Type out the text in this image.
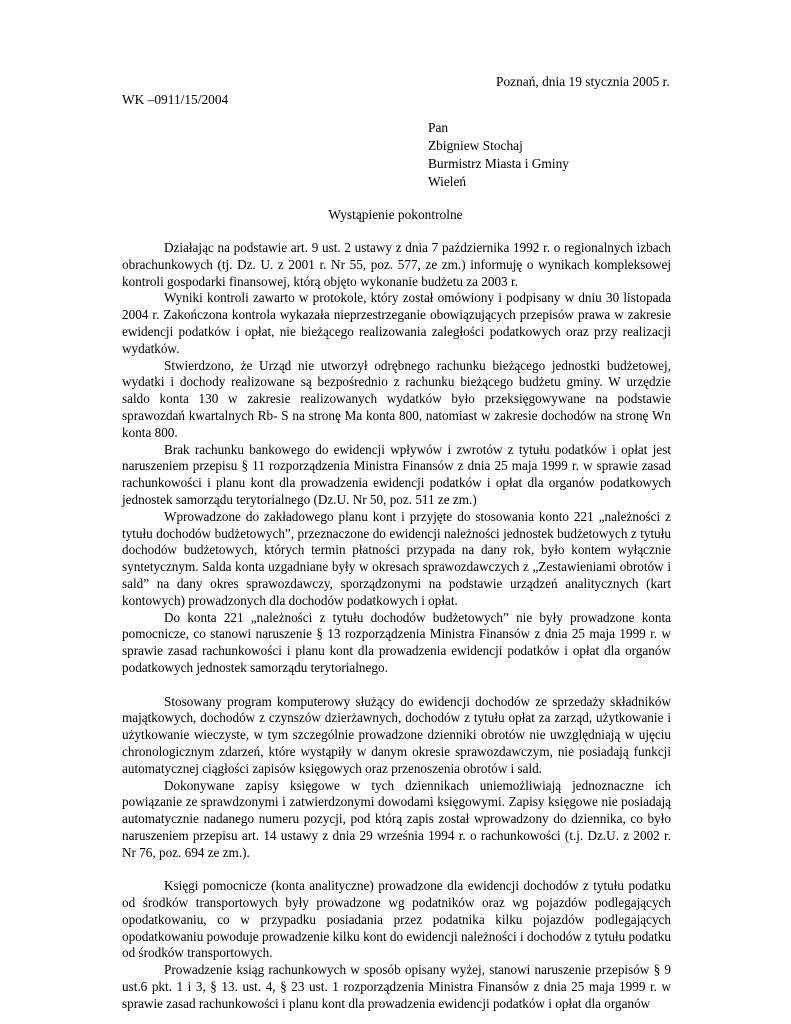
Poznań, dnia 19 stycznia 2005 r.
WK –0911/15/2004
Pan
Zbigniew Stochaj
Burmistrz Miasta i Gminy
Wieleń
Wystąpienie pokontrolne

Działając na podstawie art. 9 ust. 2 ustawy z dnia 7 października 1992 r. o regionalnych izbach obrachunkowych (tj. Dz. U. z 2001 r. Nr 55, poz. 577, ze zm.) informuję o wynikach kompleksowej kontroli gospodarki finansowej, którą objęto wykonanie budżetu za 2003 r.

Wyniki kontroli zawarto w protokole, który został omówiony i podpisany w dniu 30 listopada 2004 r. Zakończona kontrola wykazała nieprzestrzeganie obowiązujących przepisów prawa w zakresie ewidencji podatków i opłat, nie bieżącego realizowania zaległości podatkowych oraz przy realizacji wydatków.

Stwierdzono, że Urząd nie utworzył odrębnego rachunku bieżącego jednostki budżetowej, wydatki i dochody realizowane są bezpośrednio z rachunku bieżącego budżetu gminy. W urzędzie saldo konta 130 w zakresie realizowanych wydatków było przeksięgowywane na podstawie sprawozdań kwartalnych Rb- S na stronę Ma konta 800, natomiast w zakresie dochodów na stronę Wn konta 800.

Brak rachunku bankowego do ewidencji wpływów i zwrotów z tytułu podatków i opłat jest naruszeniem przepisu § 11 rozporządzenia Ministra Finansów z dnia 25 maja 1999 r. w sprawie zasad rachunkowości i planu kont dla prowadzenia ewidencji podatków i opłat dla organów podatkowych jednostek samorządu terytorialnego (Dz.U. Nr 50, poz. 511 ze zm.)

Wprowadzone do zakładowego planu kont i przyjęte do stosowania konto 221 „należności z tytułu dochodów budżetowych”, przeznaczone do ewidencji należności jednostek budżetowych z tytułu dochodów budżetowych, których termin płatności przypada na dany rok, było kontem wyłącznie syntetycznym. Salda konta uzgadniane były w okresach sprawozdawczych z „Zestawieniami obrotów i sald” na dany okres sprawozdawczy, sporządzonymi na podstawie urządzeń analitycznych (kart kontowych) prowadzonych dla dochodów podatkowych i opłat.

Do konta 221 „należności z tytułu dochodów budżetowych” nie były prowadzone konta pomocnicze, co stanowi naruszenie § 13 rozporządzenia Ministra Finansów z dnia 25 maja 1999 r. w sprawie zasad rachunkowości i planu kont dla prowadzenia ewidencji podatków i opłat dla organów podatkowych jednostek samorządu terytorialnego.

Stosowany program komputerowy służący do ewidencji dochodów ze sprzedaży składników majątkowych, dochodów z czynszów dzierżawnych, dochodów z tytułu opłat za zarząd, użytkowanie i użytkowanie wieczyste, w tym szczególnie prowadzone dzienniki obrotów nie uwzględniają w ujęciu chronologicznym zdarzeń, które wystąpiły w danym okresie sprawozdawczym, nie posiadają funkcji automatycznej ciągłości zapisów księgowych oraz przenoszenia obrotów i sald.

Dokonywane zapisy księgowe w tych dziennikach uniemożliwiają jednoznaczne ich powiązanie ze sprawdzonymi i zatwierdzonymi dowodami księgowymi. Zapisy księgowe nie posiadają automatycznie nadanego numeru pozycji, pod którą zapis został wprowadzony do dziennika, co było naruszeniem przepisu art. 14 ustawy z dnia 29 września 1994 r. o rachunkowości (t.j. Dz.U. z 2002 r. Nr 76, poz. 694 ze zm.).

Księgi pomocnicze (konta analityczne) prowadzone dla ewidencji dochodów z tytułu podatku od środków transportowych były prowadzone wg podatników oraz wg pojazdów podlegających opodatkowaniu, co w przypadku posiadania przez podatnika kilku pojazdów podlegających opodatkowaniu powoduje prowadzenie kilku kont do ewidencji należności i dochodów z tytułu podatku od środków transportowych.

Prowadzenie ksiąg rachunkowych w sposób opisany wyżej, stanowi naruszenie przepisów § 9 ust.6 pkt. 1 i 3, § 13. ust. 4, § 23 ust. 1 rozporządzenia Ministra Finansów z dnia 25 maja 1999 r. w sprawie zasad rachunkowości i planu kont dla prowadzenia ewidencji podatków i opłat dla organów
